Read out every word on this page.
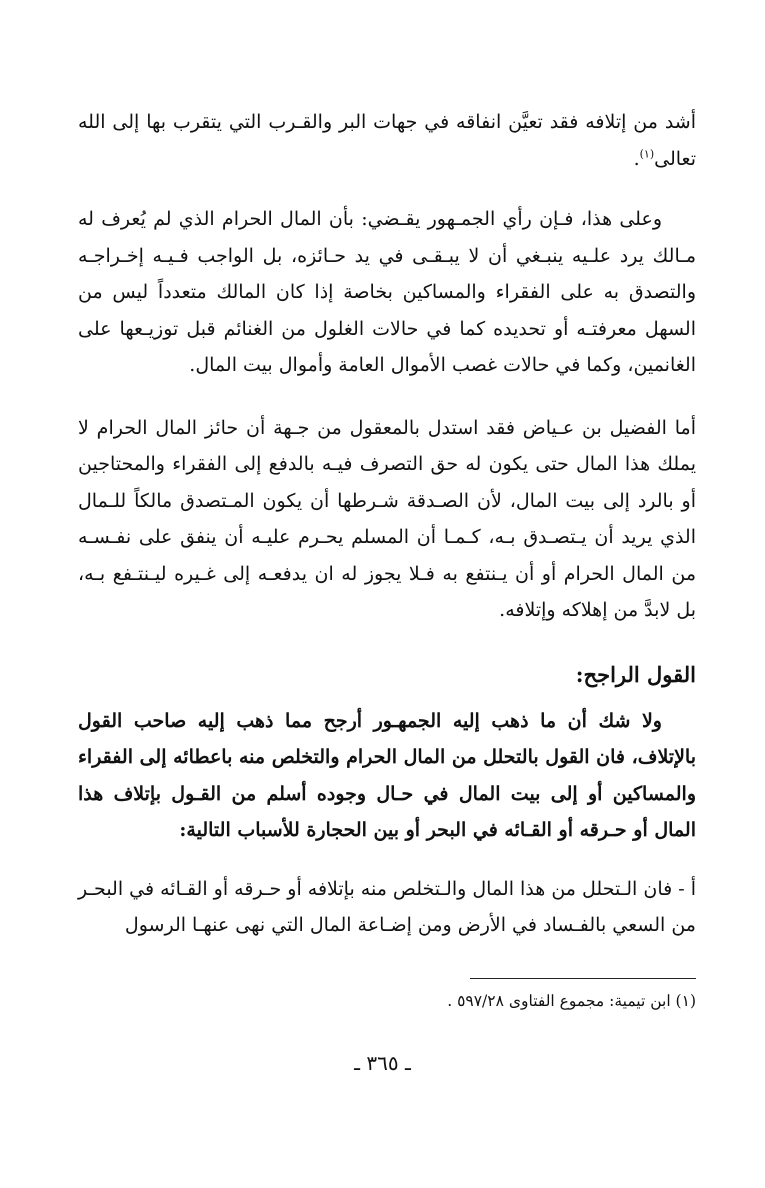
أشد من إتلافه فقد تعيَّن انفاقه في جهات البر والقـرب التي يتقرب بها إلى الله تعالى$^{(١)}$.

وعلى هذا، فـإن رأي الجمـهور يقـضي: بأن المال الحرام الذي لم يُعرف له مـالك يرد علـيه ينبـغي أن لا يبـقـى في يد حـائزه، بل الواجب فـيـه إخـراجـه والتصدق به على الفقراء والمساكين بخاصة إذا كان المالك متعدداً ليس من السهل معرفتـه أو تحديده كما في حالات الغلول من الغنائم قبل توزيـعها على الغانمين، وكما في حالات غصب الأموال العامة وأموال بيت المال.

أما الفضيل بن عـياض فقد استدل بالمعقول من جـهة أن حائز المال الحرام لا يملك هذا المال حتى يكون له حق التصرف فيـه بالدفع إلى الفقراء والمحتاجين أو بالرد إلى بيت المال، لأن الصـدقة شـرطها أن يكون المـتصدق مالكاً للـمال الذي يريد أن يـتصـدق بـه، كـمـا أن المسلم يحـرم عليـه أن ينفق على نفـسـه من المال الحرام أو أن يـنتفع به فـلا يجوز له ان يدفعـه إلى غـيره ليـنتـفع بـه، بل لابدَّ من إهلاكه وإتلافه.

القول الراجح:

ولا شك أن ما ذهب إليه الجمهـور أرجح مما ذهب إليه صاحب القول بالإتلاف، فان القول بالتحلل من المال الحرام والتخلص منه باعطائه إلى الفقراء والمساكين أو إلى بيت المال في حـال وجوده أسلم من القـول بإتلاف هذا المال أو حـرقه أو القـائه في البحر أو بين الحجارة للأسباب التالية:

أ - فان الـتحلل من هذا المال والـتخلص منه بإتلافه أو حـرقه أو القـائه في البحـر من السعي بالفـساد في الأرض ومن إضـاعة المال التي نهى عنهـا الرسول

(١) ابن تيمية: مجموع الفتاوى ٥٩٧/٢٨ .
ـ ٣٦٥ ـ
